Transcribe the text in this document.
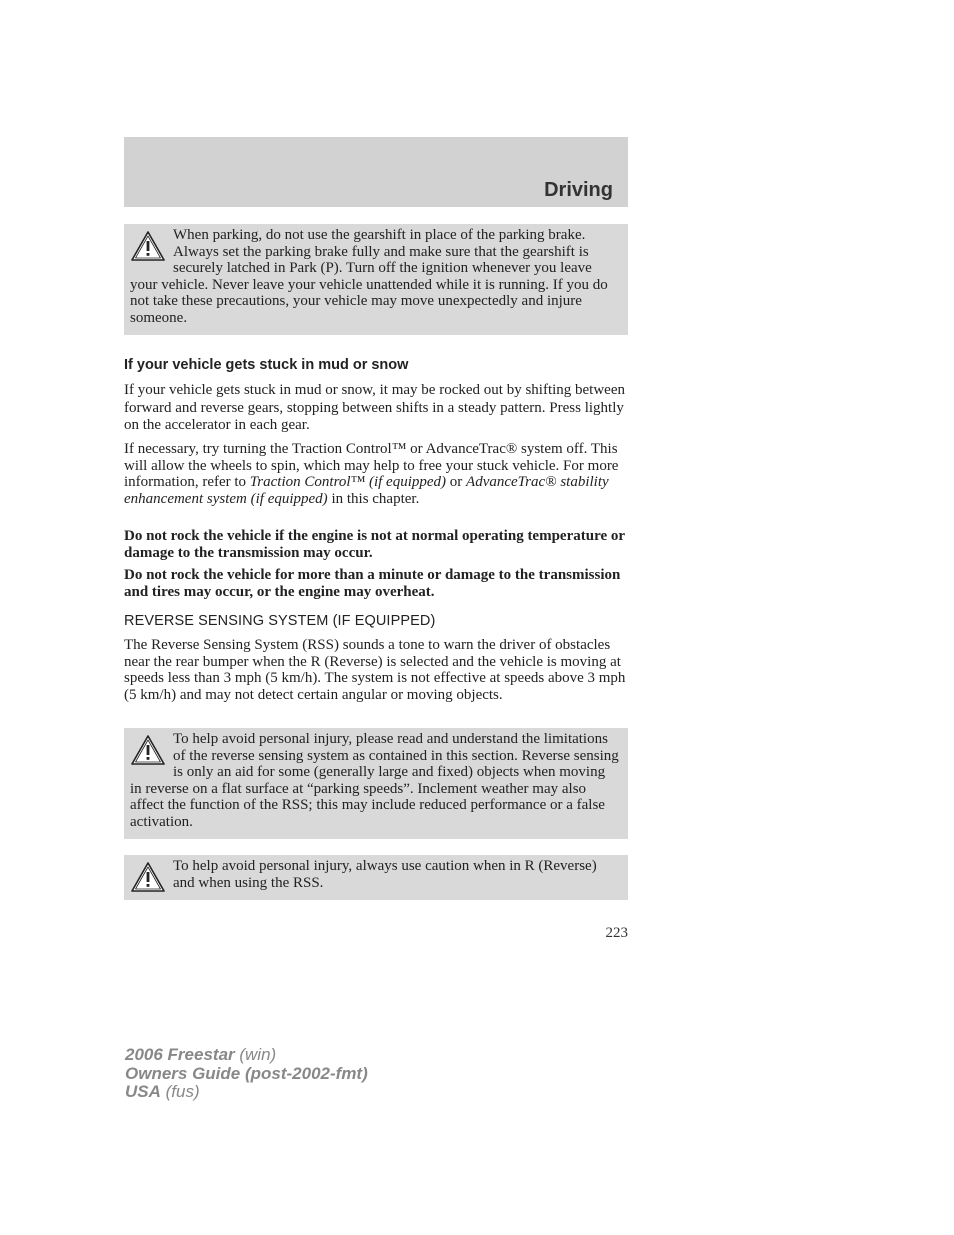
Driving

When parking, do not use the gearshift in place of the parking brake. Always set the parking brake fully and make sure that the gearshift is securely latched in Park (P). Turn off the ignition whenever you leave your vehicle. Never leave your vehicle unattended while it is running. If you do not take these precautions, your vehicle may move unexpectedly and injure someone.

If your vehicle gets stuck in mud or snow

If your vehicle gets stuck in mud or snow, it may be rocked out by shifting between forward and reverse gears, stopping between shifts in a steady pattern. Press lightly on the accelerator in each gear.

If necessary, try turning the Traction Control™ or AdvanceTrac® system off. This will allow the wheels to spin, which may help to free your stuck vehicle. For more information, refer to Traction Control™ (if equipped) or AdvanceTrac® stability enhancement system (if equipped) in this chapter.

Do not rock the vehicle if the engine is not at normal operating temperature or damage to the transmission may occur.

Do not rock the vehicle for more than a minute or damage to the transmission and tires may occur, or the engine may overheat.

REVERSE SENSING SYSTEM (IF EQUIPPED)

The Reverse Sensing System (RSS) sounds a tone to warn the driver of obstacles near the rear bumper when the R (Reverse) is selected and the vehicle is moving at speeds less than 3 mph (5 km/h). The system is not effective at speeds above 3 mph (5 km/h) and may not detect certain angular or moving objects.

To help avoid personal injury, please read and understand the limitations of the reverse sensing system as contained in this section. Reverse sensing is only an aid for some (generally large and fixed) objects when moving in reverse on a flat surface at “parking speeds”. Inclement weather may also affect the function of the RSS; this may include reduced performance or a false activation.

To help avoid personal injury, always use caution when in R (Reverse) and when using the RSS.

223

2006 Freestar (win)
Owners Guide (post-2002-fmt)
USA (fus)
